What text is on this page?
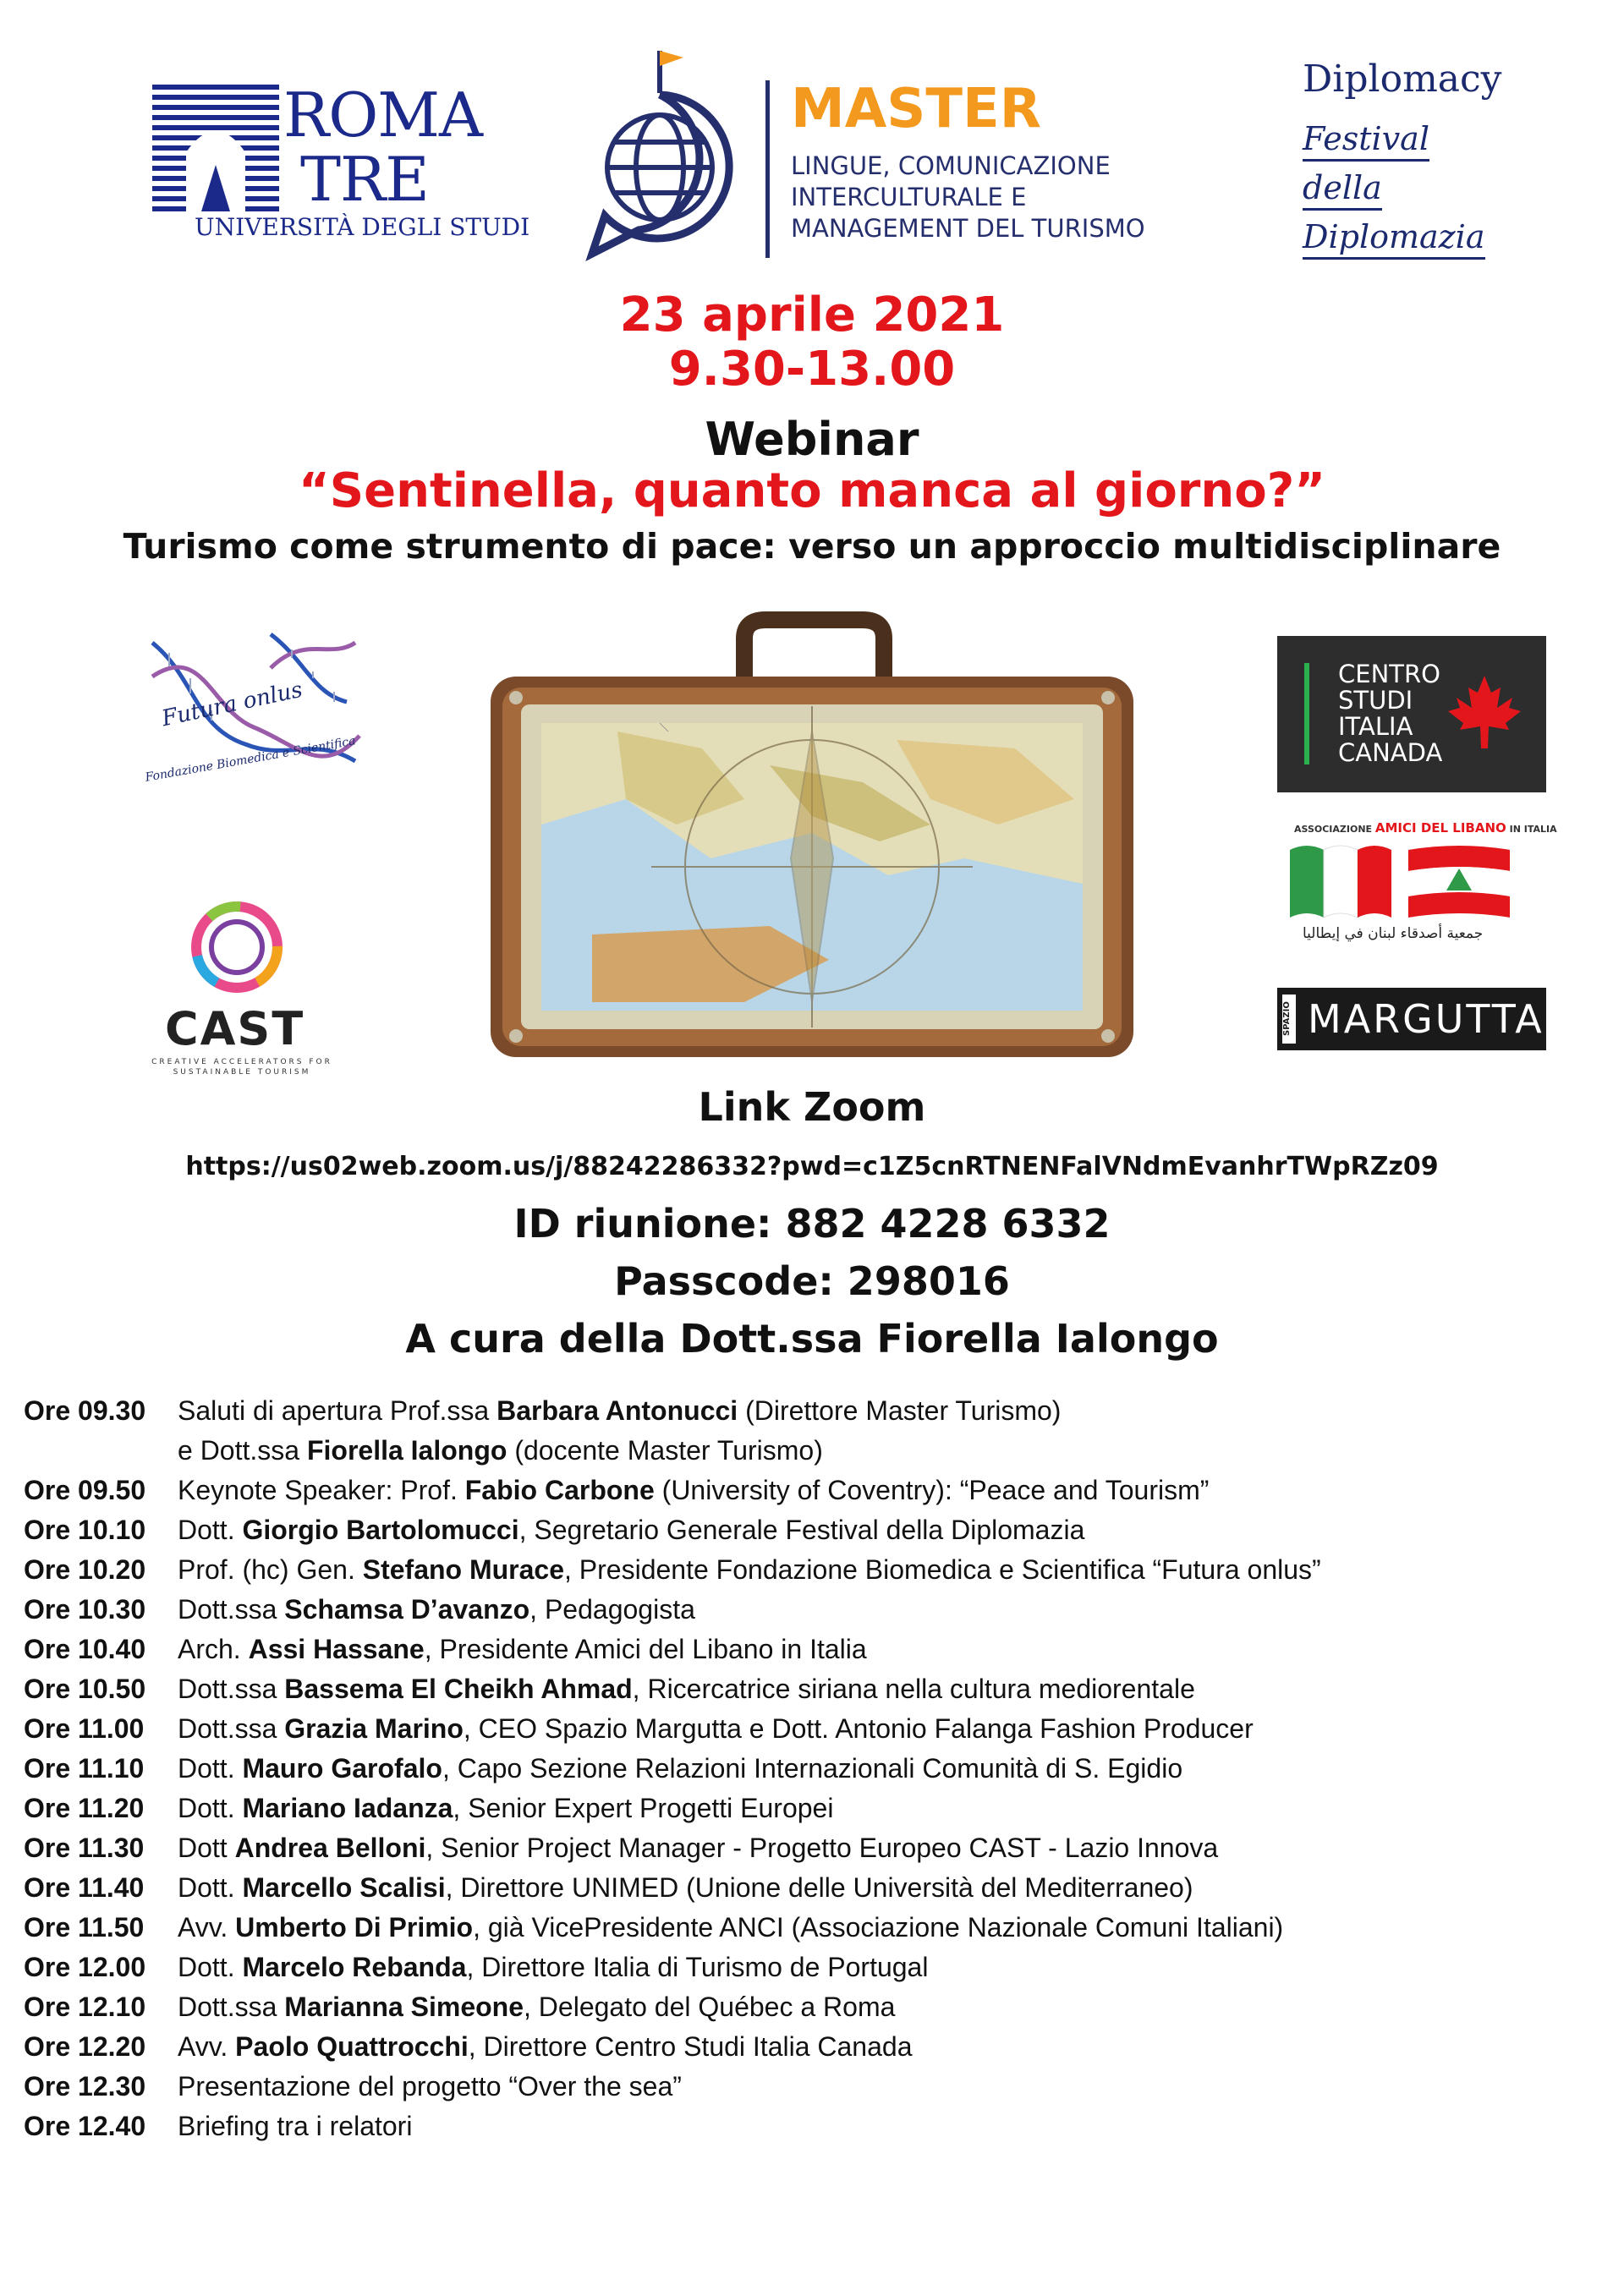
ROMA
TRE
UNIVERSITÀ DEGLI STUDI
MASTER
LINGUE, COMUNICAZIONE
INTERCULTURALE E
MANAGEMENT DEL TURISMO
Diplomacy
Festival
della
Diplomazia
23 aprile 2021
9.30-13.00
Webinar
“Sentinella, quanto manca al giorno?”
Turismo come strumento di pace: verso un approccio multidisciplinare
Futura onlus
Fondazione Biomedica e Scientifica
CAST
CREATIVE ACCELERATORS FOR SUSTAINABLE TOURISM
CENTRO
STUDI
ITALIA
CANADA
ASSOCIAZIONE AMICI DEL LIBANO IN ITALIA
جمعية أصدقاء لبنان في إيطاليا
SPAZIO MARGUTTA
Link Zoom
https://us02web.zoom.us/j/88242286332?pwd=c1Z5cnRTNENFalVNdmEvanhrTWpRZz09
ID riunione: 882 4228 6332
Passcode: 298016
A cura della Dott.ssa Fiorella Ialongo
Ore 09.30 Saluti di apertura Prof.ssa Barbara Antonucci (Direttore Master Turismo)
e Dott.ssa Fiorella Ialongo (docente Master Turismo)
Ore 09.50 Keynote Speaker: Prof. Fabio Carbone (University of Coventry): “Peace and Tourism”
Ore 10.10 Dott. Giorgio Bartolomucci, Segretario Generale Festival della Diplomazia
Ore 10.20 Prof. (hc) Gen. Stefano Murace, Presidente Fondazione Biomedica e Scientifica “Futura onlus”
Ore 10.30 Dott.ssa Schamsa D’avanzo, Pedagogista
Ore 10.40 Arch. Assi Hassane, Presidente Amici del Libano in Italia
Ore 10.50 Dott.ssa Bassema El Cheikh Ahmad, Ricercatrice siriana nella cultura mediorentale
Ore 11.00 Dott.ssa Grazia Marino, CEO Spazio Margutta e Dott. Antonio Falanga Fashion Producer
Ore 11.10 Dott. Mauro Garofalo, Capo Sezione Relazioni Internazionali Comunità di S. Egidio
Ore 11.20 Dott. Mariano Iadanza, Senior Expert Progetti Europei
Ore 11.30 Dott Andrea Belloni, Senior Project Manager - Progetto Europeo CAST - Lazio Innova
Ore 11.40 Dott. Marcello Scalisi, Direttore UNIMED (Unione delle Università del Mediterraneo)
Ore 11.50 Avv. Umberto Di Primio, già VicePresidente ANCI (Associazione Nazionale Comuni Italiani)
Ore 12.00 Dott. Marcelo Rebanda, Direttore Italia di Turismo de Portugal
Ore 12.10 Dott.ssa Marianna Simeone, Delegato del Québec a Roma
Ore 12.20 Avv. Paolo Quattrocchi, Direttore Centro Studi Italia Canada
Ore 12.30 Presentazione del progetto “Over the sea”
Ore 12.40 Briefing tra i relatori
